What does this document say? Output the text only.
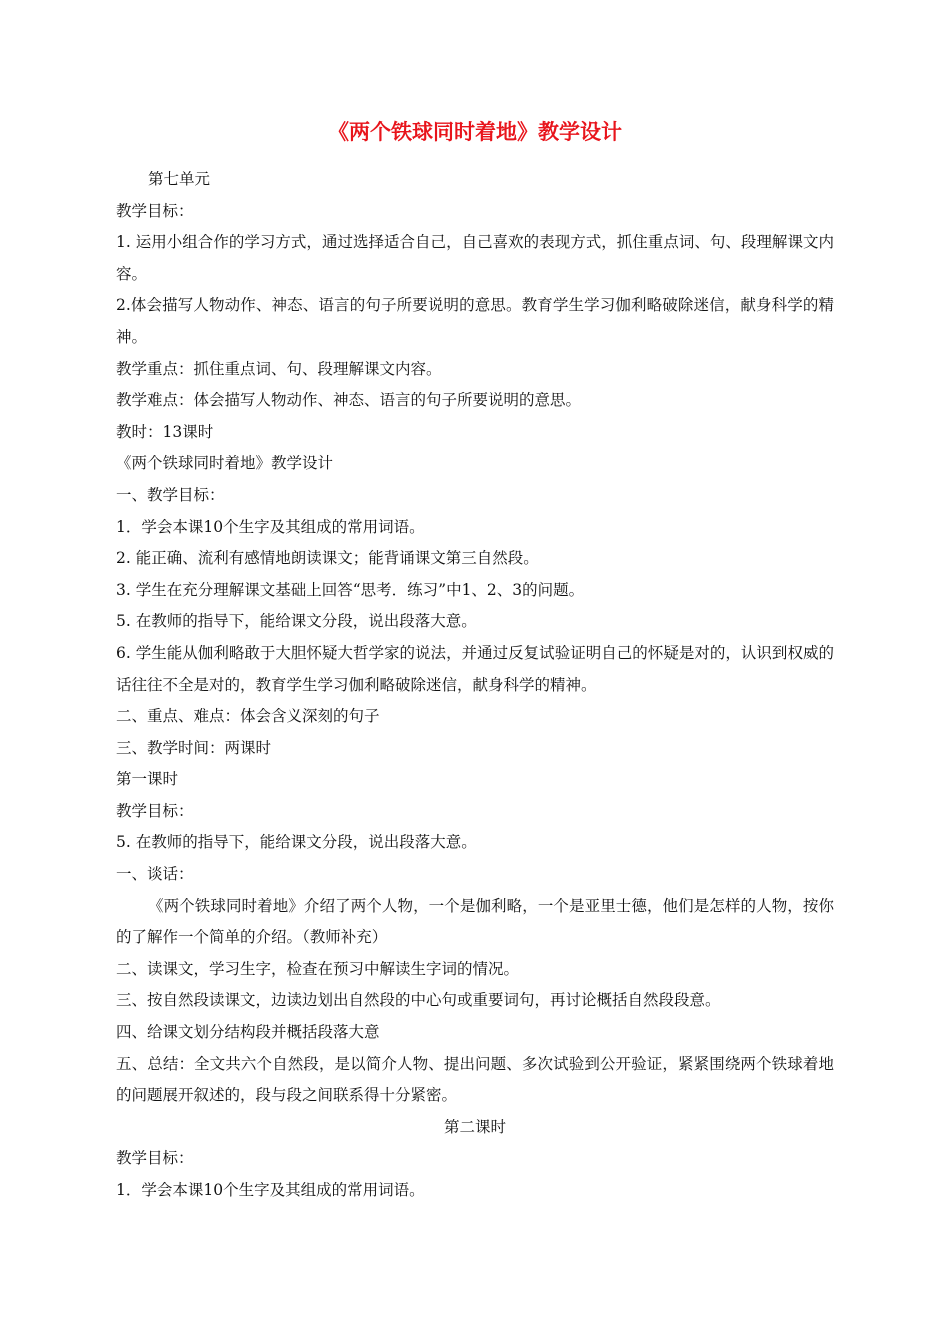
《两个铁球同时着地》教学设计

第七单元

教学目标：

1. 运用小组合作的学习方式，通过选择适合自己，自己喜欢的表现方式，抓住重点词、句、段理解课文内容。

2.体会描写人物动作、神态、语言的句子所要说明的意思。教育学生学习伽利略破除迷信，献身科学的精神。

教学重点：抓住重点词、句、段理解课文内容。

教学难点：体会描写人物动作、神态、语言的句子所要说明的意思。

教时：13课时

《两个铁球同时着地》教学设计

一、教学目标：

1．学会本课10个生字及其组成的常用词语。

2. 能正确、流利有感情地朗读课文；能背诵课文第三自然段。

3. 学生在充分理解课文基础上回答“思考．练习”中1、2、3的问题。

5. 在教师的指导下，能给课文分段，说出段落大意。

6. 学生能从伽利略敢于大胆怀疑大哲学家的说法，并通过反复试验证明自己的怀疑是对的，认识到权威的话往往不全是对的，教育学生学习伽利略破除迷信，献身科学的精神。

二、重点、难点：体会含义深刻的句子

三、教学时间：两课时

第一课时

教学目标：

5. 在教师的指导下，能给课文分段，说出段落大意。

一、谈话：

《两个铁球同时着地》介绍了两个人物，一个是伽利略，一个是亚里士德，他们是怎样的人物，按你的了解作一个简单的介绍。（教师补充）

二、读课文，学习生字，检查在预习中解读生字词的情况。

三、按自然段读课文，边读边划出自然段的中心句或重要词句，再讨论概括自然段段意。

四、给课文划分结构段并概括段落大意

五、总结：全文共六个自然段，是以简介人物、提出问题、多次试验到公开验证，紧紧围绕两个铁球着地的问题展开叙述的，段与段之间联系得十分紧密。

第二课时

教学目标：

1．学会本课10个生字及其组成的常用词语。
